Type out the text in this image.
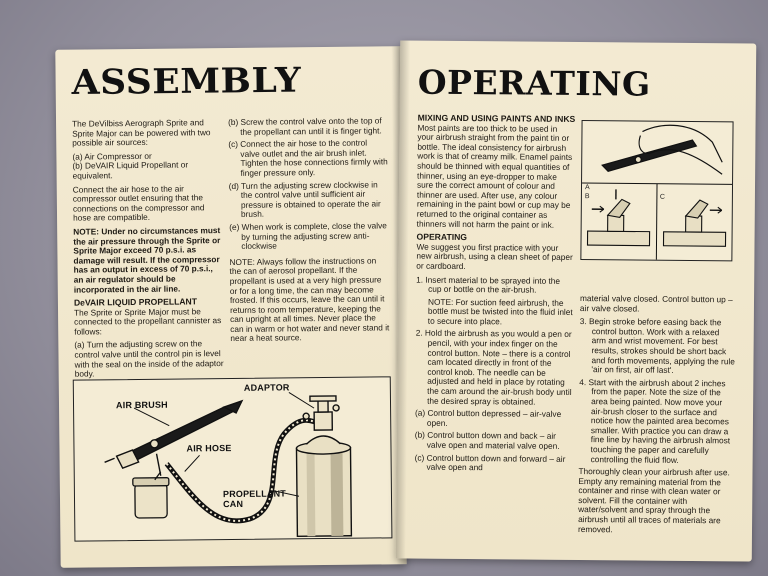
ASSEMBLY

The DeVilbiss Aerograph Sprite and Sprite Major can be powered with two possible air sources:

(a) Air Compressor or
(b) DeVAIR Liquid Propellant or equivalent.

Connect the air hose to the air compressor outlet ensuring that the connections on the compressor and hose are compatible.

NOTE: Under no circumstances must the air pressure through the Sprite or Sprite Major exceed 70 p.s.i. as damage will result. If the compressor has an output in excess of 70 p.s.i., an air regulator should be incorporated in the air line.

DeVAIR LIQUID PROPELLANT

The Sprite or Sprite Major must be connected to the propellant cannister as follows:

(a) Turn the adjusting screw on the control valve until the control pin is level with the seal on the inside of the adaptor body.

(b) Screw the control valve onto the top of the propellant can until it is finger tight.
(c) Connect the air hose to the control valve outlet and the air brush inlet. Tighten the hose connections firmly with finger pressure only.
(d) Turn the adjusting screw clockwise in the control valve until sufficient air pressure is obtained to operate the air brush.
(e) When work is complete, close the valve by turning the adjusting screw anti-clockwise

NOTE: Always follow the instructions on the can of aerosol propellant. If the propellant is used at a very high pressure or for a long time, the can may become frosted. If this occurs, leave the can until it returns to room temperature, keeping the can upright at all times. Never place the can in warm or hot water and never stand it near a heat source.

AIR BRUSH
ADAPTOR
AIR HOSE
PROPELLANT CAN
OPERATING
MIXING AND USING PAINTS AND INKS

Most paints are too thick to be used in your airbrush straight from the paint tin or bottle. The ideal consistency for airbrush work is that of creamy milk. Enamel paints should be thinned with equal quantities of thinner, using an eye-dropper to make sure the correct amount of colour and thinner are used. After use, any colour remaining in the paint bowl or cup may be returned to the original container as thinners will not harm the paint or ink.

OPERATING

We suggest you first practice with your new airbrush, using a clean sheet of paper or cardboard.

1. Insert material to be sprayed into the cup or bottle on the air-brush.
NOTE: For suction feed airbrush, the bottle must be twisted into the fluid inlet to secure into place.
2. Hold the airbrush as you would a pen or pencil, with your index finger on the control button. Note – there is a control cam located directly in front of the control knob. The needle can be adjusted and held in place by rotating the cam around the air-brush body until the desired spray is obtained.
(a) Control button depressed – air-valve open.
(b) Control button down and back – air valve open and material valve open.
(c) Control button down and forward – air valve open and
A
B	C

material valve closed. Control button up – air valve closed.

3. Begin stroke before easing back the control button. Work with a relaxed arm and wrist movement. For best results, strokes should be short back and forth movements, applying the rule 'air on first, air off last'.
4. Start with the airbrush about 2 inches from the paper. Note the size of the area being painted. Now move your air-brush closer to the surface and notice how the painted area becomes smaller. With practice you can draw a fine line by having the airbrush almost touching the paper and carefully controlling the fluid flow.

Thoroughly clean your airbrush after use. Empty any remaining material from the container and rinse with clean water or solvent. Fill the container with water/solvent and spray through the airbrush until all traces of materials are removed.
